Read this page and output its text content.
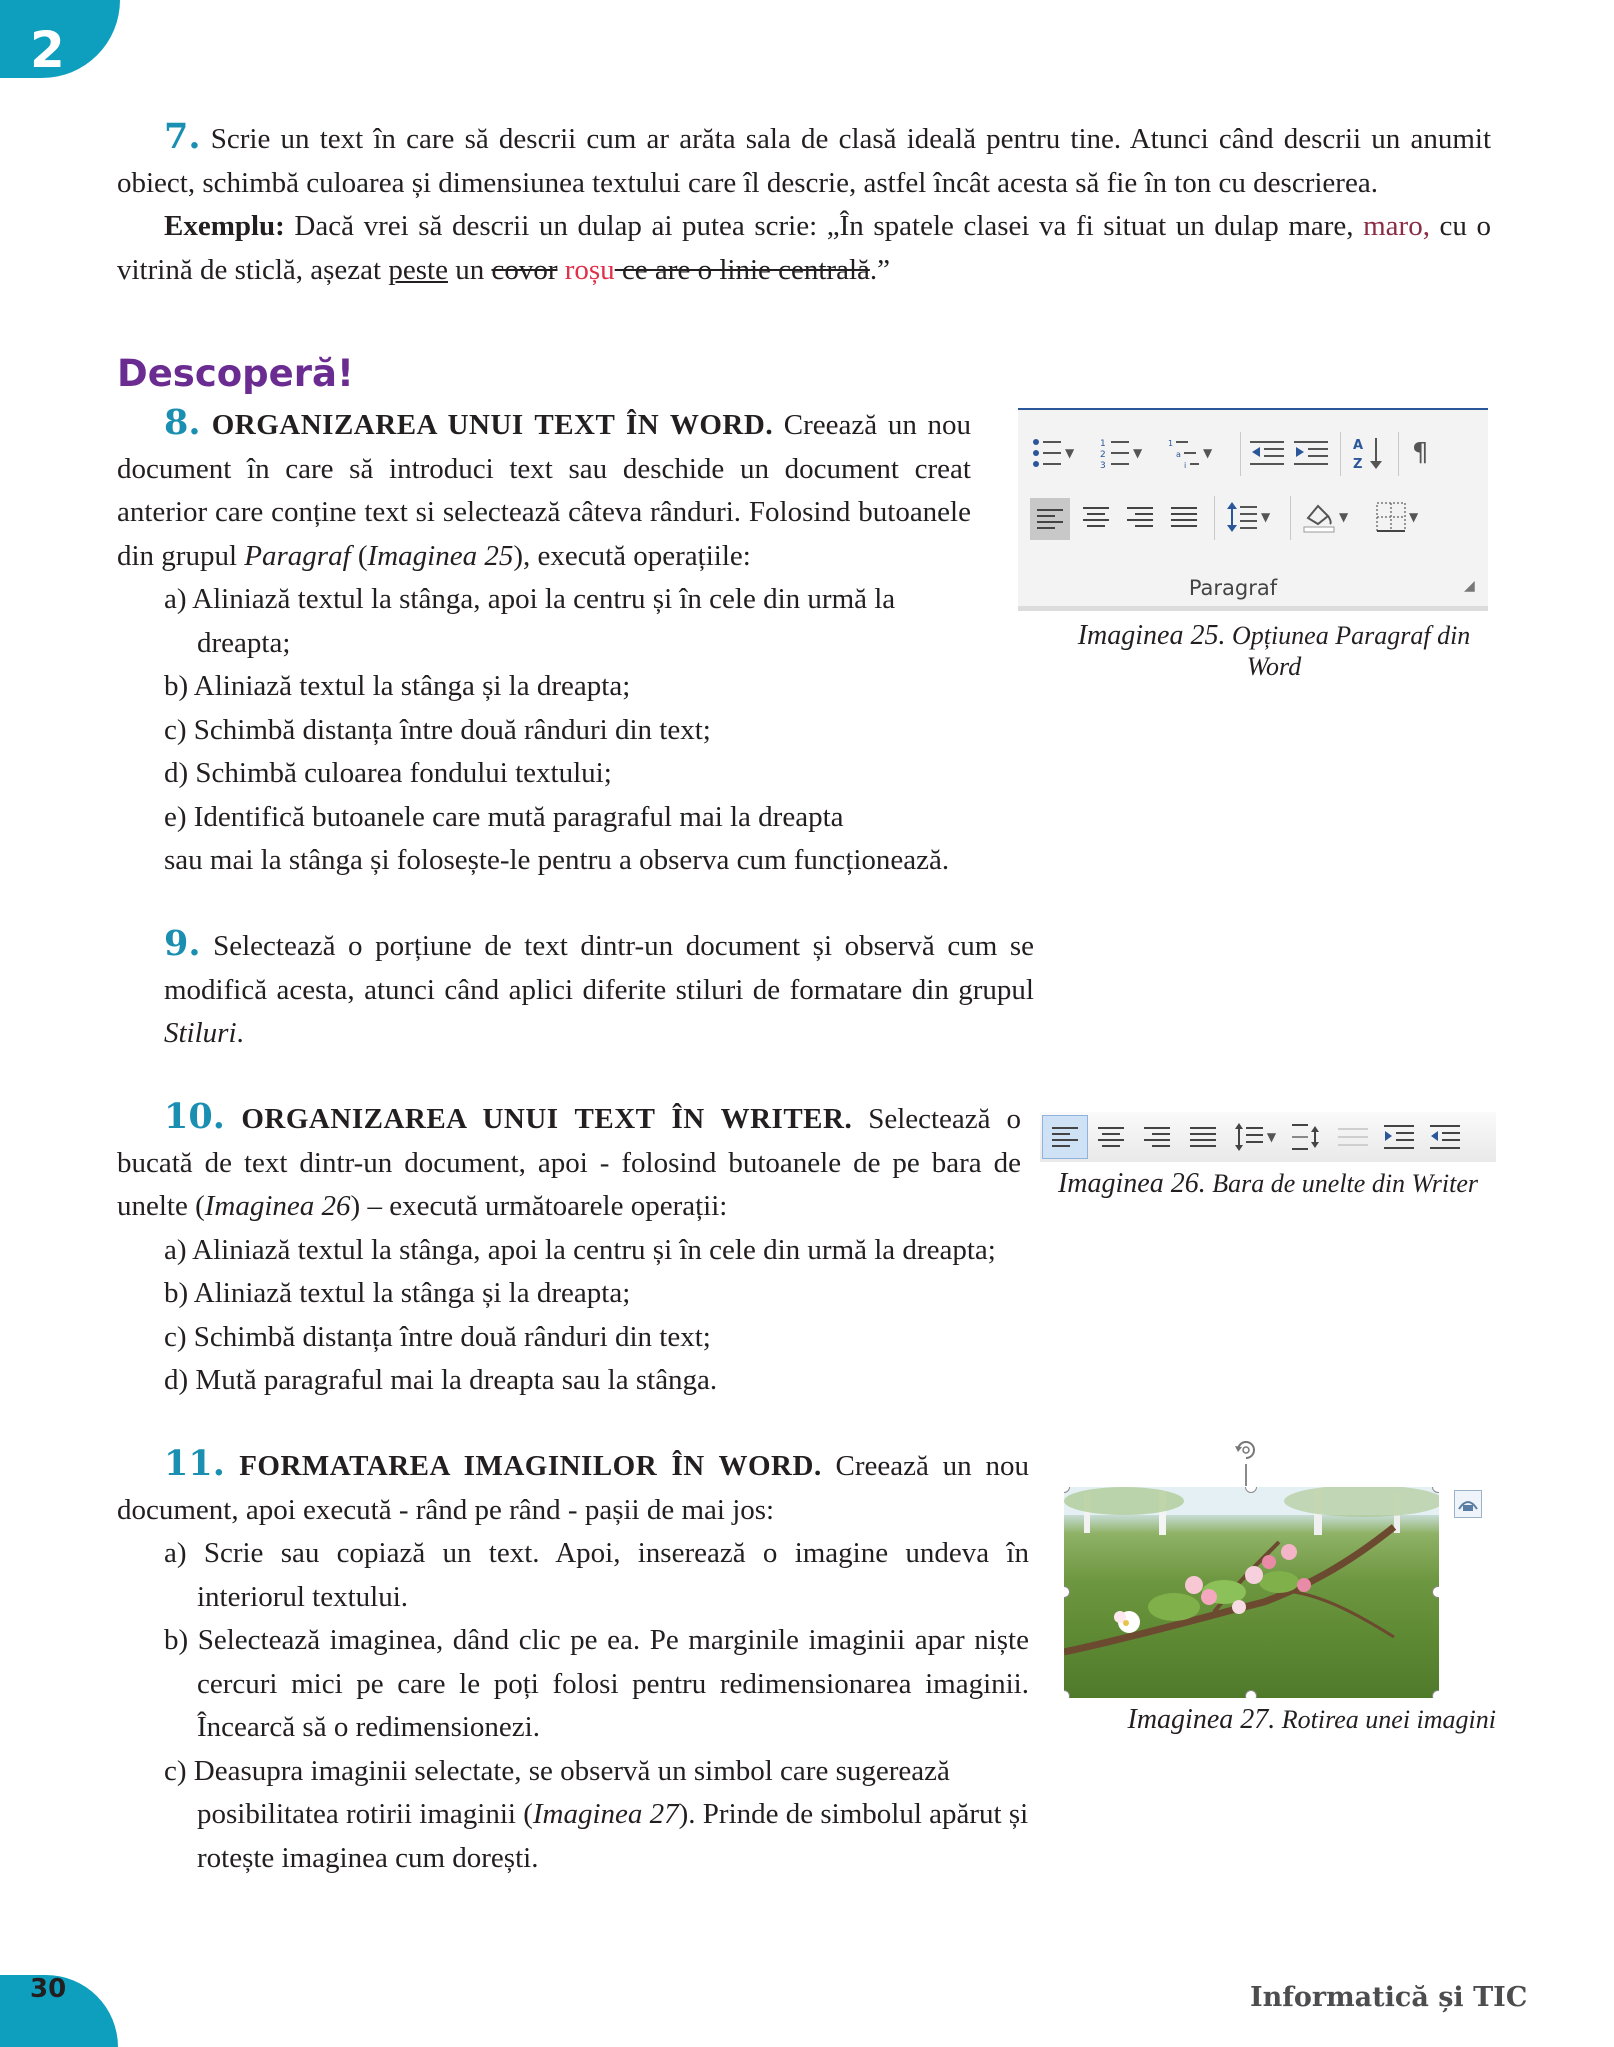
2
30	Informatică și TIC

7. Scrie un text în care să descrii cum ar arăta sala de clasă ideală pentru tine. Atunci când descrii un anumit obiect, schimbă culoarea și dimensiunea textului care îl descrie, astfel încât acesta să fie în ton cu descrierea.

Exemplu: Dacă vrei să descrii un dulap ai putea scrie: „În spatele clasei va fi situat un dulap mare, maro, cu o vitrină de sticlă, așezat peste un covor roșu ce are o linie centrală.”

Descoperă!

8. ORGANIZAREA UNUI TEXT ÎN WORD. Creează un nou document în care să introduci text sau deschide un document creat anterior care conține text si selectează câteva rânduri. Folosind butoanele din grupul Paragraf (Imaginea 25), execută operațiile:

a) Aliniază textul la stânga, apoi la centru și în cele din urmă la dreapta;

b) Aliniază textul la stânga și la dreapta;

c) Schimbă distanța între două rânduri din text;

d) Schimbă culoarea fondului textului;

e) Identifică butoanele care mută paragraful mai la dreapta

sau mai la stânga și folosește-le pentru a observa cum funcționează.

▼
1
2
3
▼
1
a
i
▼	A
Z ¶
▼	▼	▼
Paragraf	◢
Imaginea 25. Opțiunea Paragraf din Word

9. Selectează o porțiune de text dintr-un document și observă cum se modifică acesta, atunci când aplici diferite stiluri de formatare din grupul Stiluri.

10. ORGANIZAREA UNUI TEXT ÎN WRITER. Selectează o bucată de text dintr-un document, apoi - folosind butoanele de pe bara de unelte (Imaginea 26) – execută următoarele operații:

a) Aliniază textul la stânga, apoi la centru și în cele din urmă la dreapta;

b) Aliniază textul la stânga și la dreapta;

c) Schimbă distanța între două rânduri din text;

d) Mută paragraful mai la dreapta sau la stânga.

▼
Imaginea 26. Bara de unelte din Writer

11. FORMATAREA IMAGINILOR ÎN WORD. Creează un nou document, apoi execută - rând pe rând - pașii de mai jos:

a) Scrie sau copiază un text. Apoi, inserează o imagine undeva în interiorul textului.

b) Selectează imaginea, dând clic pe ea. Pe marginile imaginii apar niște cercuri mici pe care le poți folosi pentru redimensionarea imaginii. Încearcă să o redimensionezi.

c) Deasupra imaginii selectate, se observă un simbol care sugerează posibilitatea rotirii imaginii (Imaginea 27). Prinde de simbolul apărut și rotește imaginea cum dorești.

Imaginea 27. Rotirea unei imagini
